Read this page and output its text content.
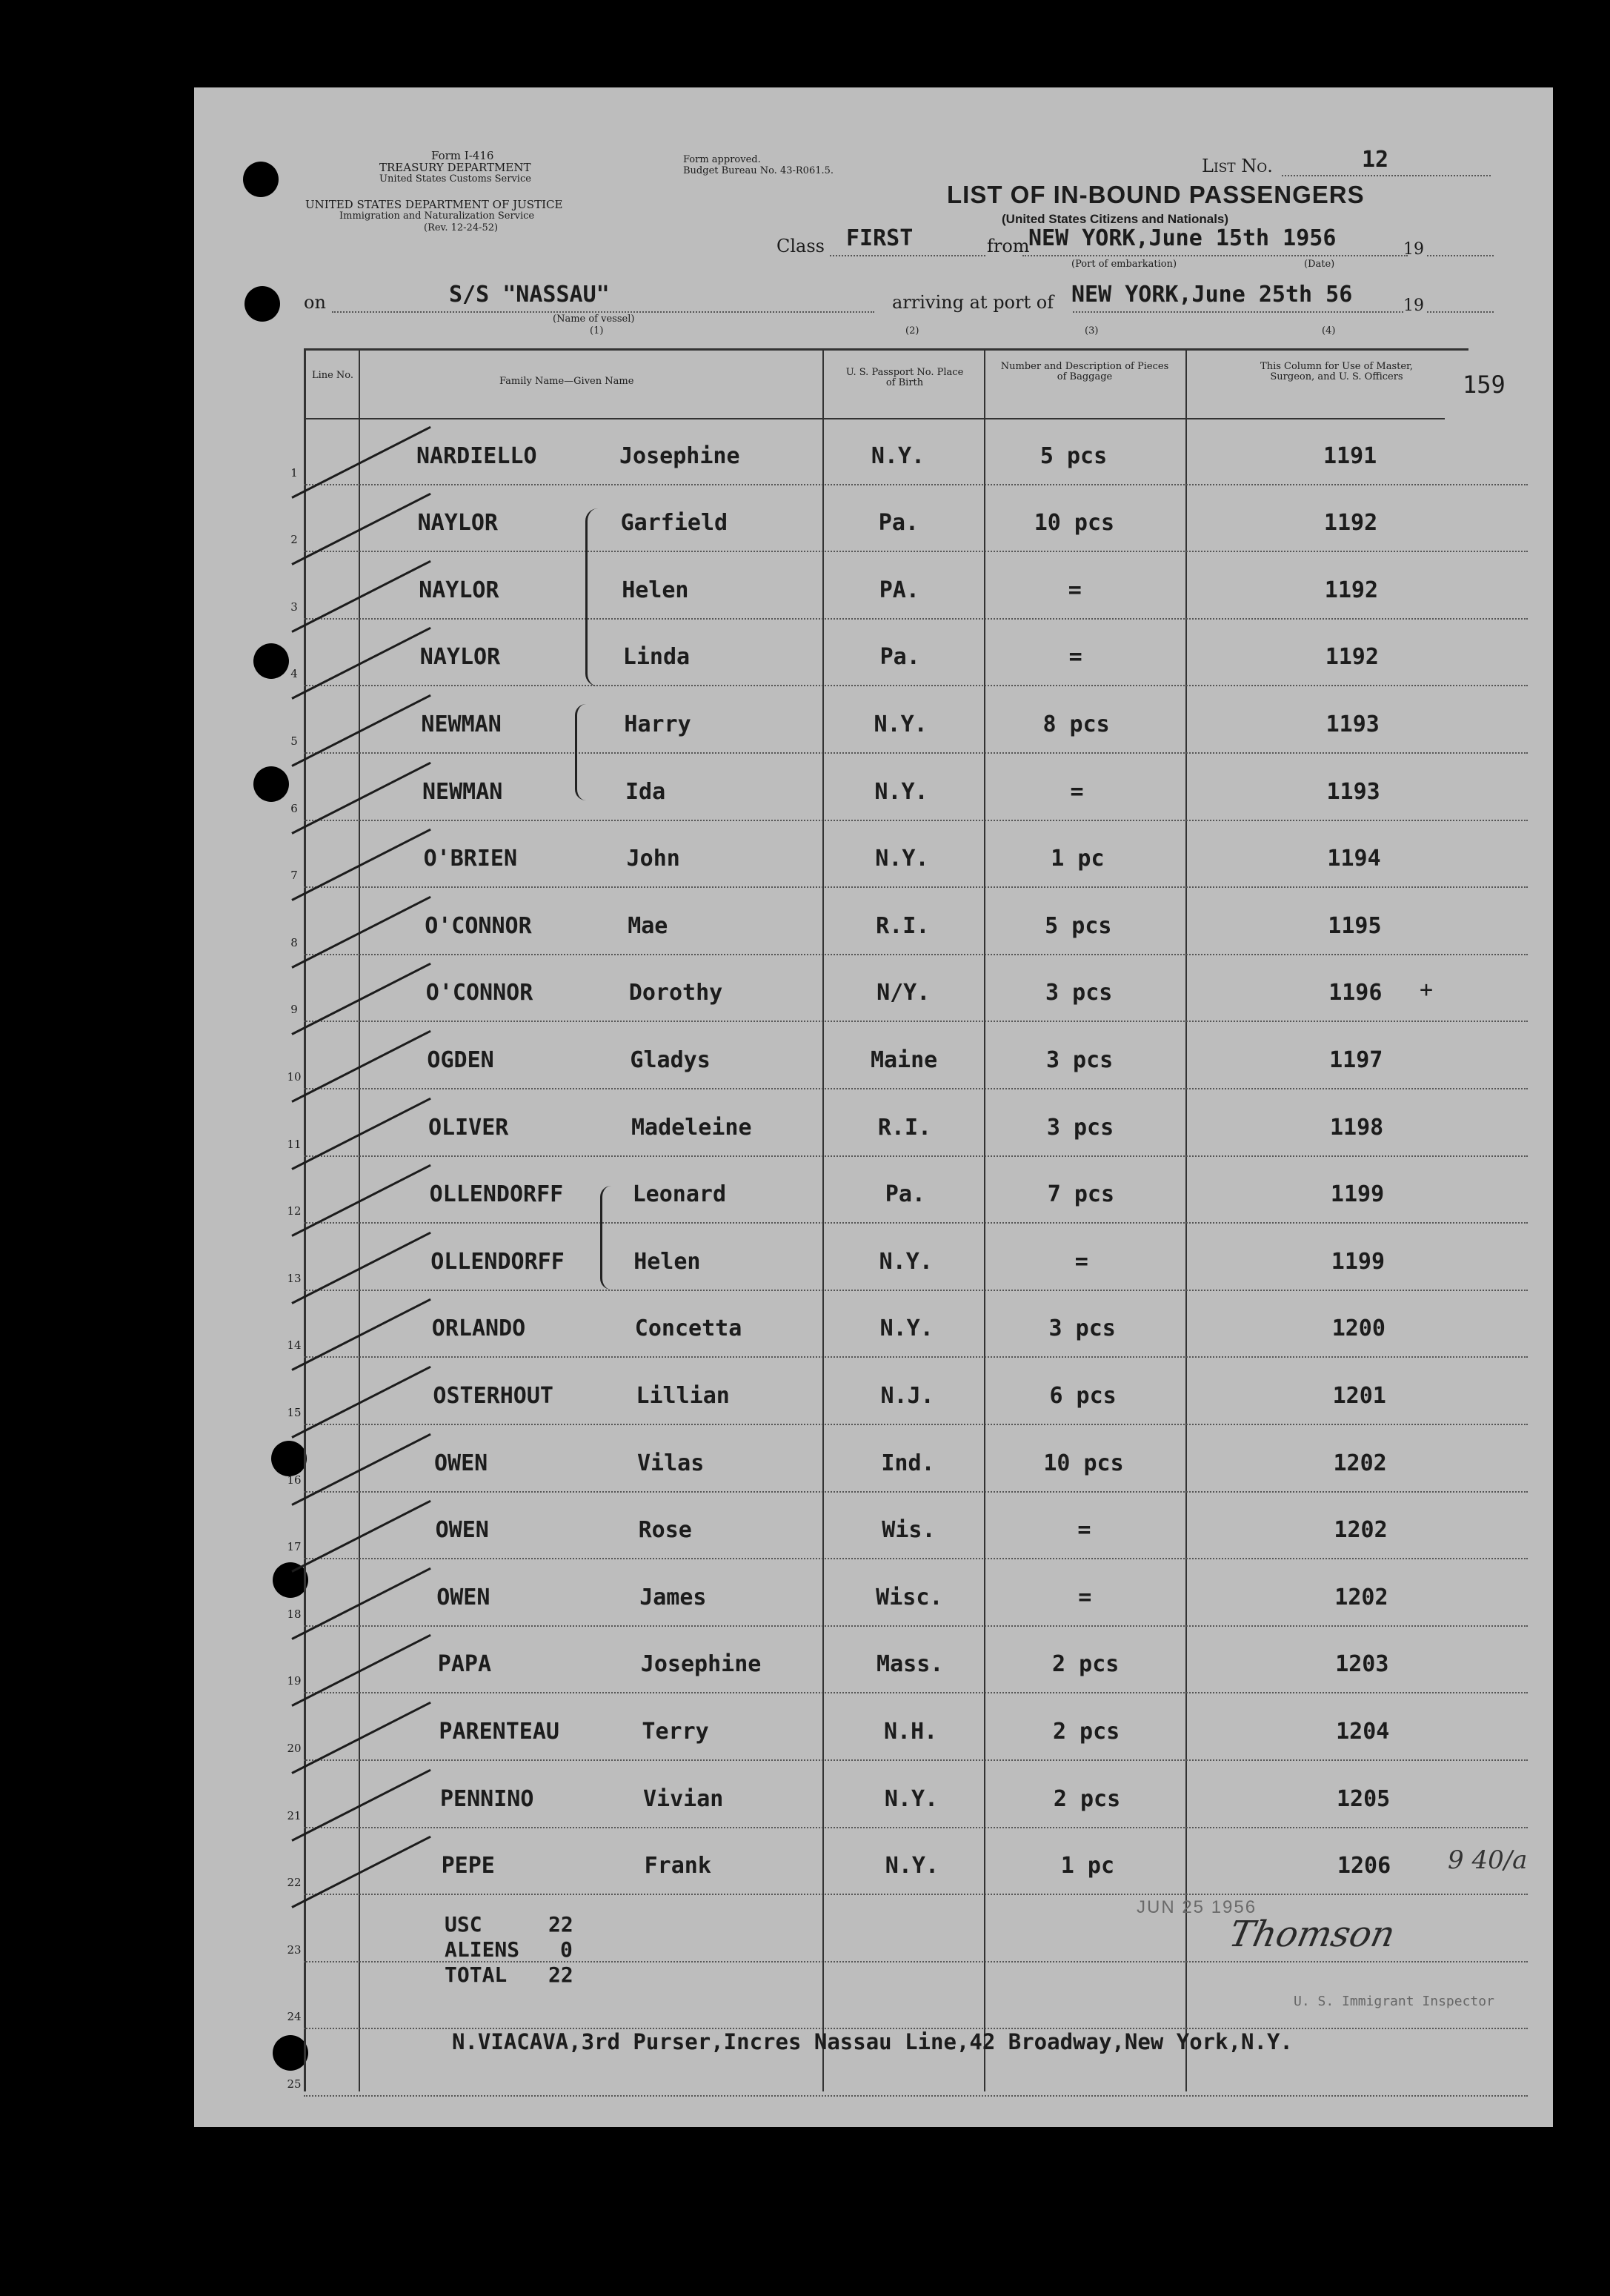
Form I-416
TREASURY DEPARTMENT
United States Customs Service
UNITED STATES DEPARTMENT OF JUSTICE
Immigration and Naturalization Service
(Rev. 12-24-52)
Form approved.
Budget Bureau No. 43-R061.5.	List No.	12
LIST OF IN-BOUND PASSENGERS
(United States Citizens and Nationals)
Class FIRST	from
NEW YORK,June 15th 1956	19
(Port of embarkation)	(Date)
on	S/S "NASSAU"	arriving at port of NEW YORK,June 25th 56	19
(Name of vessel)
(1)	(2)	(3)	(4)
Line No.
Family Name—Given Name
U. S. Passport No. Place of Birth
Number and Description of Pieces of Baggage
This Column for Use of Master, Surgeon, and U. S. Officers	159
NARDIELLO	Josephine	N.Y.	5 pcs	1191
1
NAYLOR	Garfield	Pa.	10 pcs	1192
2
NAYLOR	Helen	PA.	=	1192
3
NAYLOR	Linda	Pa.	=	1192
4
NEWMAN	Harry	N.Y.	8 pcs	1193
5
NEWMAN	Ida	N.Y.	=	1193
6
O'BRIEN	John	N.Y.	1 pc	1194
7
O'CONNOR	Mae	R.I.	5 pcs	1195
8
O'CONNOR	Dorothy	N/Y.	3 pcs	1196
9
OGDEN	Gladys	Maine	3 pcs	1197
10
OLIVER	Madeleine	R.I.	3 pcs	1198
11
OLLENDORFF	Leonard	Pa.	7 pcs	1199
12
OLLENDORFF	Helen	N.Y.	=	1199
13
ORLANDO	Concetta	N.Y.	3 pcs	1200
14
OSTERHOUT	Lillian	N.J.	6 pcs	1201
15
OWEN	Vilas	Ind.	10 pcs	1202
16
OWEN	Rose	Wis.	=	1202
17
OWEN	James	Wisc.	=	1202
18
PAPA	Josephine	Mass.	2 pcs	1203
19
PARENTEAU	Terry	N.H.	2 pcs	1204
20
PENNINO	Vivian	N.Y.	2 pcs	1205
21
PEPE	Frank	N.Y.	1 pc	1206
22
23
24
25
USC	22
ALIENS 0
TOTAL 22
JUN 25 1956
Thomson
U. S. Immigrant Inspector
9 40/a
N.VIACAVA,3rd Purser,Incres Nassau Line,42 Broadway,New York,N.Y.
+
